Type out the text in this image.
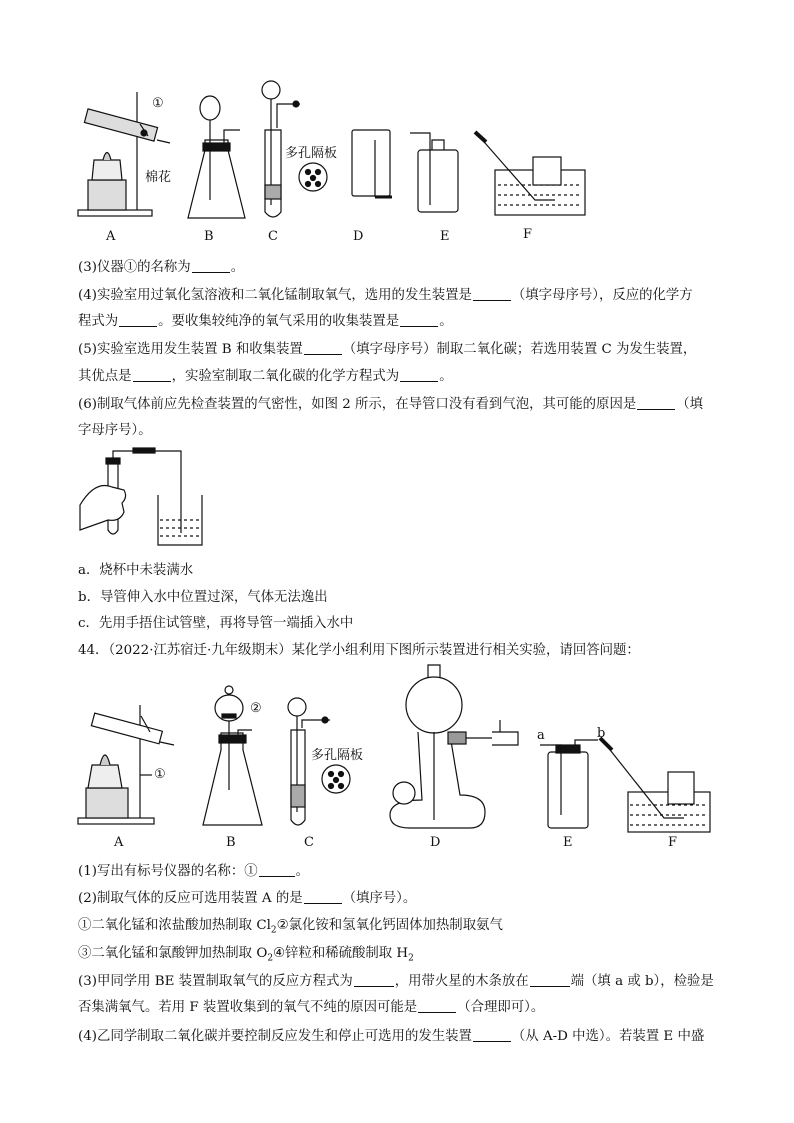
①
棉花
多孔隔板
A	B	C	D	E	F
(3)仪器①的名称为	。
(4)实验室用过氧化氢溶液和二氧化锰制取氧气，选用的发生装置是	（填字母序号），反应的化学方
程式为	。要收集较纯净的氧气采用的收集装置是	。
(5)实验室选用发生装置 B 和收集装置	（填字母序号）制取二氧化碳；若选用装置 C 为发生装置，
其优点是	，实验室制取二氧化碳的化学方程式为	。
(6)制取气体前应先检查装置的气密性，如图 2 所示，在导管口没有看到气泡，其可能的原因是	（填
字母序号）。
a．烧杯中未装满水
b．导管伸入水中位置过深，气体无法逸出
c．先用手捂住试管壁，再将导管一端插入水中
44．（2022·江苏宿迁·九年级期末）某化学小组利用下图所示装置进行相关实验，请回答问题：
②
①
多孔隔板
a	b
A	B	C	D	E	F
(1)写出有标号仪器的名称：①	。
(2)制取气体的反应可选用装置 A 的是	（填序号）。
①二氧化锰和浓盐酸加热制取 $Cl_2②$氯化铵和氢氧化钙固体加热制取氨气
③二氧化锰和氯酸钾加热制取 $O_2④$锌粒和稀硫酸制取 $H_2$
(3)甲同学用 BE 装置制取氧气的反应方程式为	，用带火星的木条放在	端（填 a 或 b），检验是
否集满氧气。若用 F 装置收集到的氧气不纯的原因可能是	（合理即可）。
(4)乙同学制取二氧化碳并要控制反应发生和停止可选用的发生装置	（从 A-D 中选）。若装置 E 中盛
